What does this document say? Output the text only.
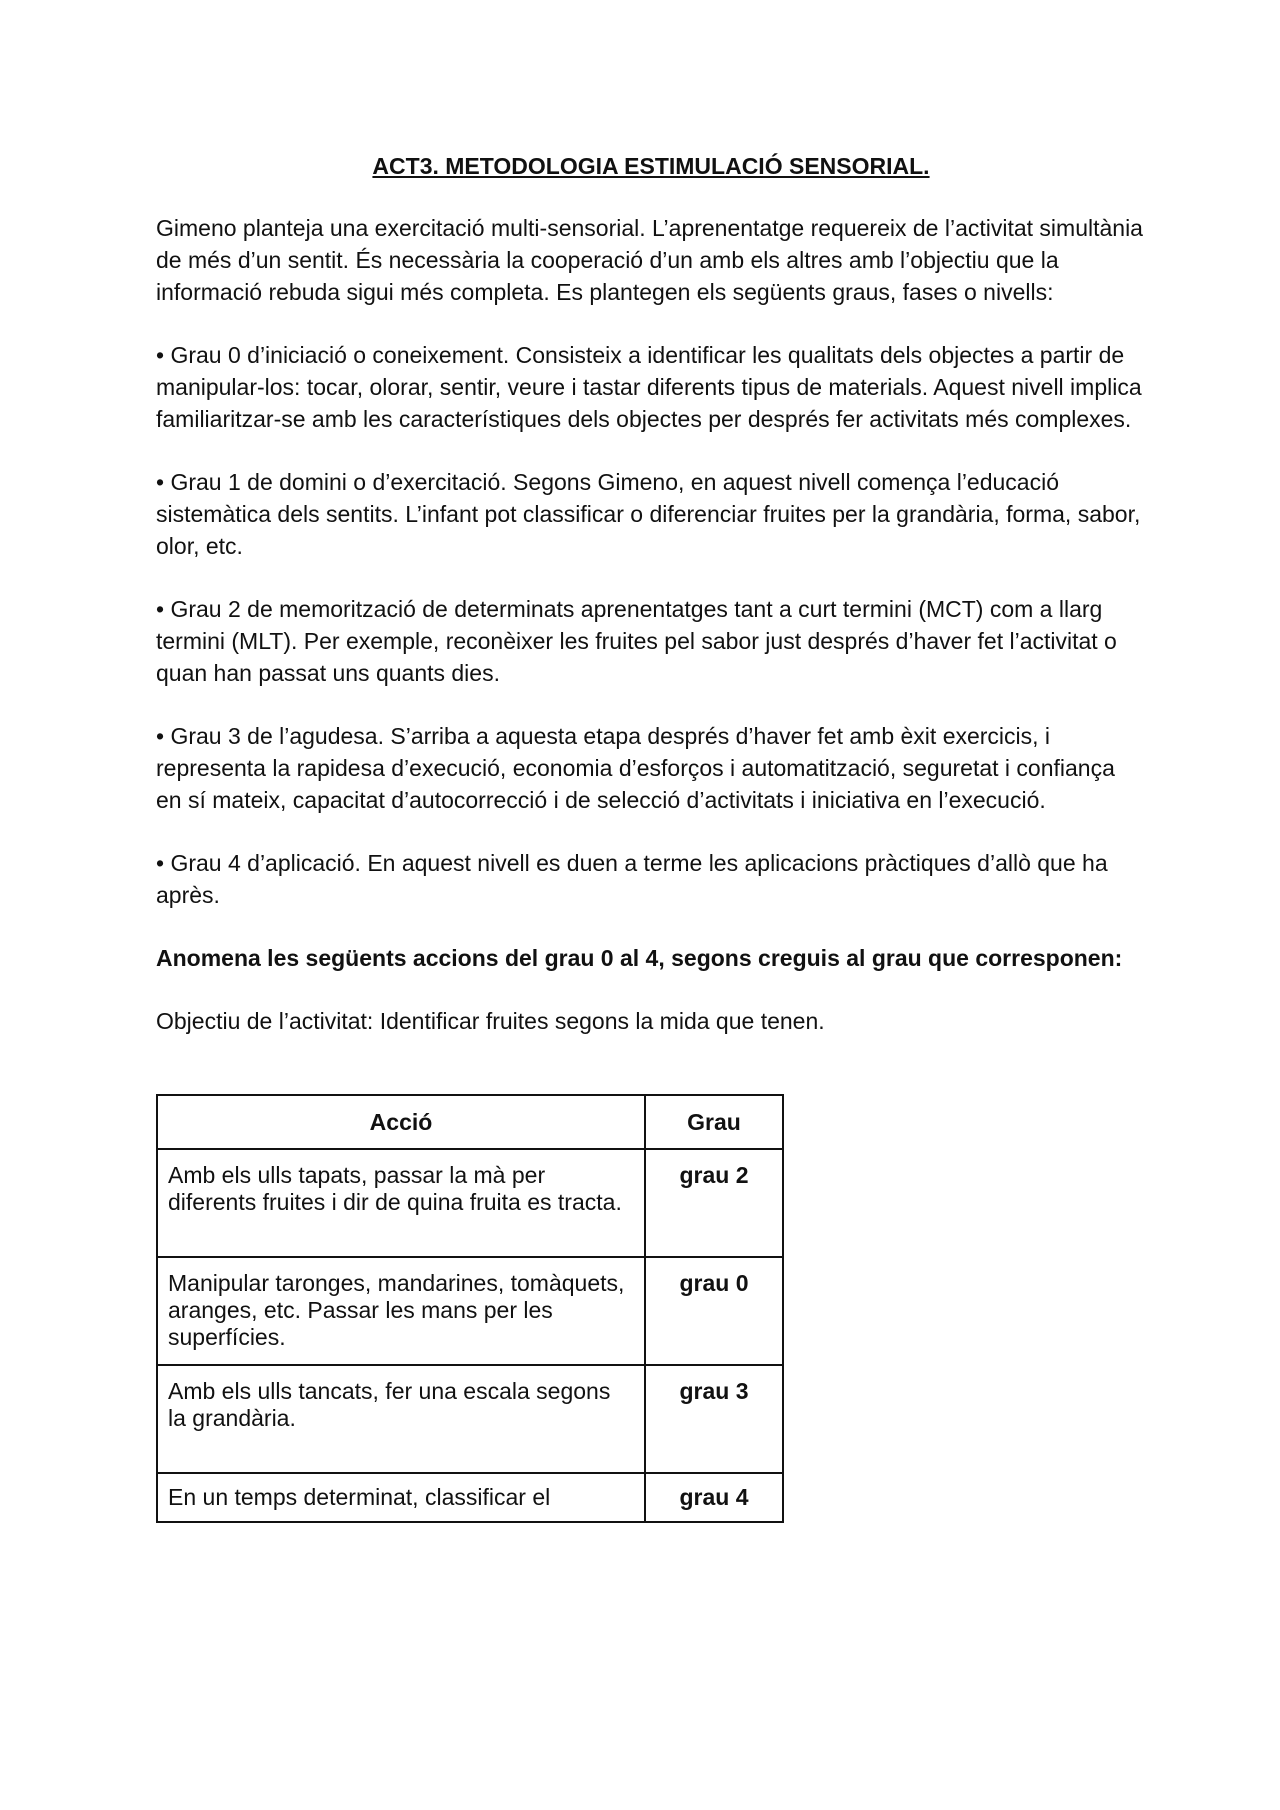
ACT3. METODOLOGIA ESTIMULACIÓ SENSORIAL.
Gimeno planteja una exercitació multi-sensorial. L’aprenentatge requereix de l’activitat simultània de més d’un sentit. És necessària la cooperació d’un amb els altres amb l’objectiu que la informació rebuda sigui més completa. Es plantegen els següents graus, fases o nivells:
• Grau 0 d’iniciació o coneixement. Consisteix a identificar les qualitats dels objectes a partir de manipular-los: tocar, olorar, sentir, veure i tastar diferents tipus de materials. Aquest nivell implica familiaritzar-se amb les característiques dels objectes per després fer activitats més complexes.
• Grau 1 de domini o d’exercitació. Segons Gimeno, en aquest nivell comença l’educació sistemàtica dels sentits. L’infant pot classificar o diferenciar fruites per la grandària, forma, sabor, olor, etc.
• Grau 2 de memorització de determinats aprenentatges tant a curt termini (MCT) com a llarg termini (MLT). Per exemple, reconèixer les fruites pel sabor just després d’haver fet l’activitat o quan han passat uns quants dies.
• Grau 3 de l’agudesa. S’arriba a aquesta etapa després d’haver fet amb èxit exercicis, i representa la rapidesa d’execució, economia d’esforços i automatització, seguretat i confiança en sí mateix, capacitat d’autocorrecció i de selecció d’activitats i iniciativa en l’execució.
• Grau 4 d’aplicació. En aquest nivell es duen a terme les aplicacions pràctiques d’allò que ha après.
Anomena les següents accions del grau 0 al 4, segons creguis al grau que corresponen:
Objectiu de l’activitat: Identificar fruites segons la mida que tenen.
Acció	Grau
Amb els ulls tapats, passar la mà per diferents fruites i dir de quina fruita es tracta.	grau 2
Manipular taronges, mandarines, tomàquets, aranges, etc. Passar les mans per les superfícies.	grau 0
Amb els ulls tancats, fer una escala segons la grandària.	grau 3
En un temps determinat, classificar el	grau 4
